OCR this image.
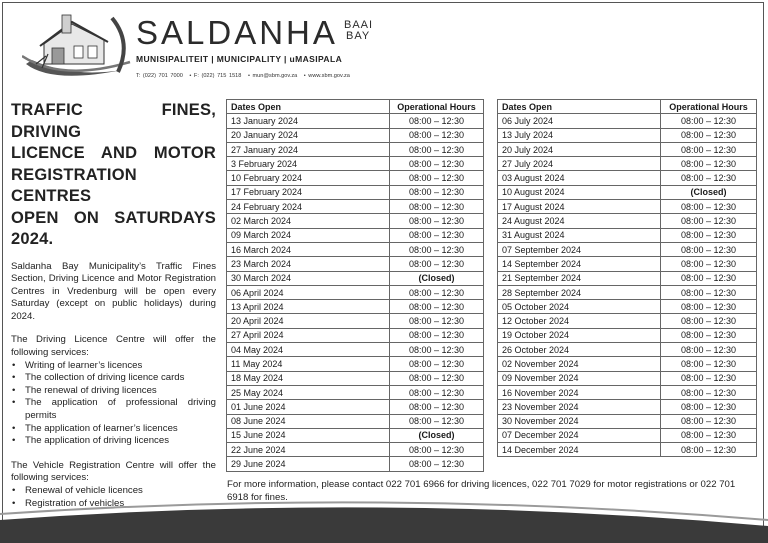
SALDANHA BAAI
BAY
MUNISIPALITEIT | MUNICIPALITY | uMASIPALA
T: (022) 701 7000 • F: (022) 715 1518 • mun@sbm.gov.za • www.sbm.gov.za
TRAFFIC FINES, DRIVING
LICENCE AND MOTOR
REGISTRATION CENTRES
OPEN ON SATURDAYS
2024.
Saldanha Bay Municipality’s Traffic Fines Section, Driving Licence and Motor Registration Centres in Vredenburg will be open every Saturday (except on public holidays) during 2024.
The Driving Licence Centre will offer the following services:
• Writing of learner’s licences
• The collection of driving licence cards
• The renewal of driving licences
• The application of professional driving permits
• The application of learner’s licences
• The application of driving licences
The Vehicle Registration Centre will offer the following services:
• Renewal of vehicle licences
• Registration of vehicles
Dates Open	Operational Hours
13 January 2024	08:00 – 12:30
20 January 2024	08:00 – 12:30
27 January 2024	08:00 – 12:30
3 February 2024	08:00 – 12:30
10 February 2024	08:00 – 12:30
17 February 2024	08:00 – 12:30
24 February 2024	08:00 – 12:30
02 March 2024	08:00 – 12:30
09 March 2024	08:00 – 12:30
16 March 2024	08:00 – 12:30
23 March 2024	08:00 – 12:30
30 March 2024	(Closed)
06 April 2024	08:00 – 12:30
13 April 2024	08:00 – 12:30
20 April 2024	08:00 – 12:30
27 April 2024	08:00 – 12:30
04 May 2024	08:00 – 12:30
11 May 2024	08:00 – 12:30
18 May 2024	08:00 – 12:30
25 May 2024	08:00 – 12:30
01 June 2024	08:00 – 12:30
08 June 2024	08:00 – 12:30
15 June 2024	(Closed)
22 June 2024	08:00 – 12:30
29 June 2024	08:00 – 12:30
Dates Open	Operational Hours
06 July 2024	08:00 – 12:30
13 July 2024	08:00 – 12:30
20 July 2024	08:00 – 12:30
27 July 2024	08:00 – 12:30
03 August 2024	08:00 – 12:30
10 August 2024	(Closed)
17 August 2024	08:00 – 12:30
24 August 2024	08:00 – 12:30
31 August 2024	08:00 – 12:30
07 September 2024	08:00 – 12:30
14 September 2024	08:00 – 12:30
21 September 2024	08:00 – 12:30
28 September 2024	08:00 – 12:30
05 October 2024	08:00 – 12:30
12 October 2024	08:00 – 12:30
19 October 2024	08:00 – 12:30
26 October 2024	08:00 – 12:30
02 November 2024	08:00 – 12:30
09 November 2024	08:00 – 12:30
16 November 2024	08:00 – 12:30
23 November 2024	08:00 – 12:30
30 November 2024	08:00 – 12:30
07 December 2024	08:00 – 12:30
14 December 2024	08:00 – 12:30
For more information, please contact 022 701 6966 for driving licences, 022 701 7029 for motor registrations or 022 701 6918 for fines.
